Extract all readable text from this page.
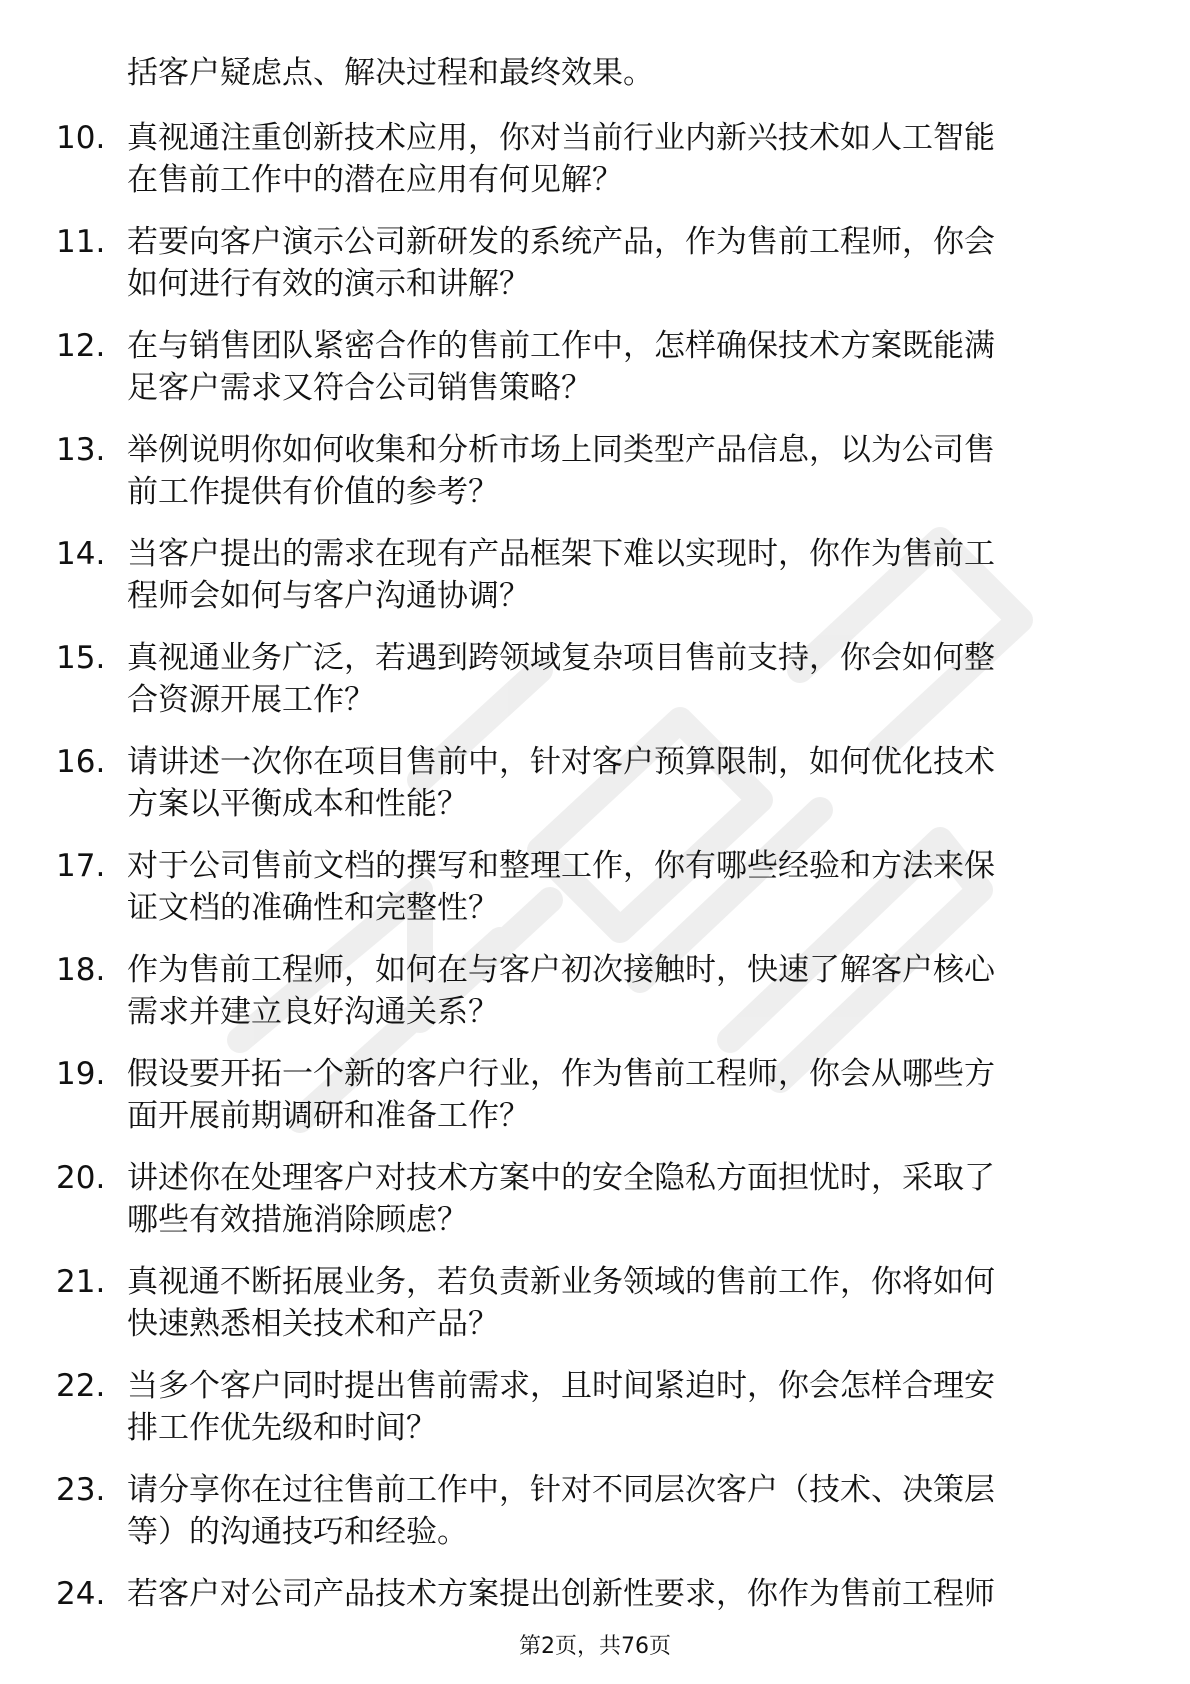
括客户疑虑点、解决过程和最终效果。
10. 真视通注重创新技术应用，你对当前行业内新兴技术如人工智能
在售前工作中的潜在应用有何见解？
11. 若要向客户演示公司新研发的系统产品，作为售前工程师，你会
如何进行有效的演示和讲解？
12. 在与销售团队紧密合作的售前工作中，怎样确保技术方案既能满
足客户需求又符合公司销售策略？
13. 举例说明你如何收集和分析市场上同类型产品信息，以为公司售
前工作提供有价值的参考？
14. 当客户提出的需求在现有产品框架下难以实现时，你作为售前工
程师会如何与客户沟通协调？
15. 真视通业务广泛，若遇到跨领域复杂项目售前支持，你会如何整
合资源开展工作？
16. 请讲述一次你在项目售前中，针对客户预算限制，如何优化技术
方案以平衡成本和性能？
17. 对于公司售前文档的撰写和整理工作，你有哪些经验和方法来保
证文档的准确性和完整性？
18. 作为售前工程师，如何在与客户初次接触时，快速了解客户核心
需求并建立良好沟通关系？
19. 假设要开拓一个新的客户行业，作为售前工程师，你会从哪些方
面开展前期调研和准备工作？
20. 讲述你在处理客户对技术方案中的安全隐私方面担忧时，采取了
哪些有效措施消除顾虑？
21. 真视通不断拓展业务，若负责新业务领域的售前工作，你将如何
快速熟悉相关技术和产品？
22. 当多个客户同时提出售前需求，且时间紧迫时，你会怎样合理安
排工作优先级和时间？
23. 请分享你在过往售前工作中，针对不同层次客户（技术、决策层
等）的沟通技巧和经验。
24. 若客户对公司产品技术方案提出创新性要求，你作为售前工程师
第2页，共76页
